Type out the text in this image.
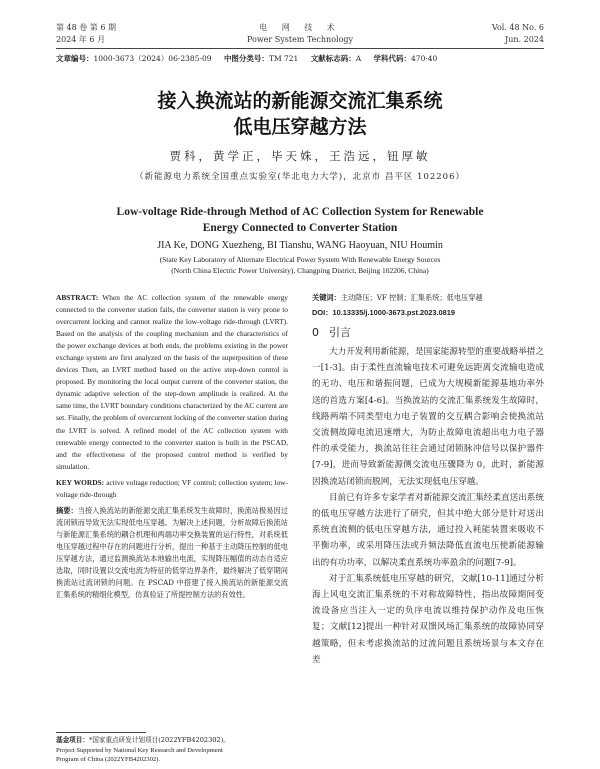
第 48 卷 第 6 期
2024 年 6 月
电 网 技 术
Power System Technology
Vol. 48 No. 6
Jun. 2024
文章编号：1000-3673（2024）06-2385-09 中图分类号：TM 721 文献标志码：A 学科代码：470·40
接入换流站的新能源交流汇集系统
低电压穿越方法
贾科，黄学正，毕天姝，王浩远，钮厚敏
（新能源电力系统全国重点实验室(华北电力大学)，北京市 昌平区 102206）
Low-voltage Ride-through Method of AC Collection System for Renewable
Energy Connected to Converter Station
JIA Ke, DONG Xuezheng, BI Tianshu, WANG Haoyuan, NIU Houmin
(State Key Laboratory of Alternate Electrical Power System With Renewable Energy Sources
(North China Electric Power University), Changping District, Beijing 102206, China)

ABSTRACT: When the AC collection system of the renewable energy connected to the converter station fails, the converter station is very prone to overcurrent locking and cannot realize the low-voltage ride-through (LVRT). Based on the analysis of the coupling mechanism and the characteristics of the power exchange devices at both ends, the problems existing in the power exchange system are first analyzed on the basis of the superposition of these devices Then, an LVRT method based on the active step-down control is proposed. By monitoring the local output current of the converter station, the dynamic adaptive selection of the step-down amplitude is realized. At the same time, the LVRT boundary conditions characterized by the AC current are set. Finally, the problem of overcurrent locking of the converter station during the LVRT is solved. A refined model of the AC collection system with renewable energy connected to the converter station is built in the PSCAD, and the effectiveness of the proposed control method is verified by simulation.

KEY WORDS: active voltage reduction; VF control; collection system; low-voltage ride-through

摘要：当接入换流站的新能源交流汇集系统发生故障时，换流站极易因过流闭锁而导致无法实现低电压穿越。为解决上述问题，分析故障后换流站与新能源汇集系统的耦合机理和两端功率交换装置的运行特性，对系统低电压穿越过程中存在的问题进行分析，提出一种基于主动降压控制的低电压穿越方法，通过监测换流站本地输出电流，实现降压幅值的动态自适应选取，同时设置以交流电流为特征的低穿边界条件，最终解决了低穿期间换流站过流闭锁的问题。在 PSCAD 中搭建了接入换流站的新能源交流汇集系统的精细化模型，仿真验证了所提控制方法的有效性。

关键词：主动降压；VF 控制；汇集系统；低电压穿越

DOI：10.13335/j.1000-3673.pst.2023.0819

0 引言

大力开发利用新能源，是国家能源转型的重要战略举措之一[1-3]。由于柔性直流输电技术可避免远距离交流输电造成的无功、电压和谐振问题，已成为大规模新能源基地功率外送的首选方案[4-6]。当换流站的交流汇集系统发生故障时，线路两端不同类型电力电子装置的交互耦合影响会使换流站交流侧故障电流迅速增大，为防止故障电流超出电力电子器件的承受能力，换流站往往会通过闭锁脉冲信号以保护器件[7-9]，进而导致新能源侧交流电压骤降为 0，此时，新能源因换流站闭锁而脱网，无法实现低电压穿越。

目前已有许多专家学者对新能源交流汇集经柔直送出系统的低电压穿越方法进行了研究，但其中绝大部分是针对送出系统直流侧的低电压穿越方法，通过投入耗能装置来吸收不平衡功率，或采用降压法或升频法降低直流电压使新能源输出的有功功率，以解决柔直系统功率盈余的问题[7-9]。

对于汇集系统低电压穿越的研究，文献[10-11]通过分析海上风电交流汇集系统的不对称故障特性，指出故障期间变流设备应当注入一定的负序电流以维持保护动作及电压恢复；文献[12]提出一种针对双馈风场汇集系统的故障协同穿越策略，但未考虑换流站的过流问题且系统场景与本文存在差

基金项目：*国家重点研发计划项目(2022YFB4202302)。
Project Supported by National Key Research and Development
Program of China (2022YFB4202302).
